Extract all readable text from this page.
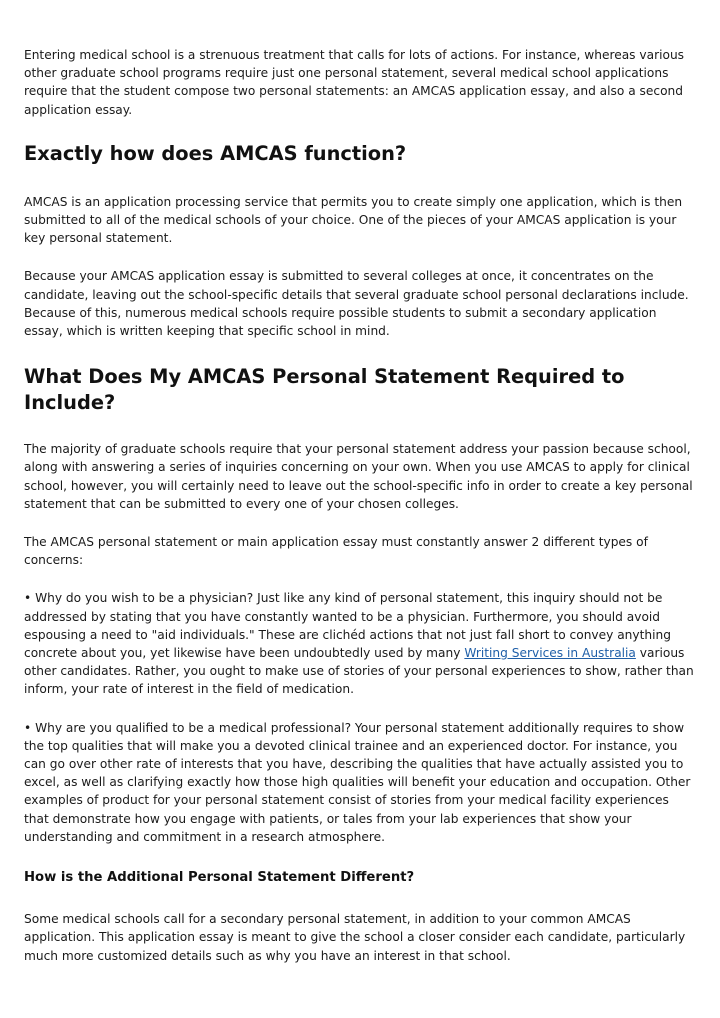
Entering medical school is a strenuous treatment that calls for lots of actions. For instance, whereas various other graduate school programs require just one personal statement, several medical school applications require that the student compose two personal statements: an AMCAS application essay, and also a second application essay.

Exactly how does AMCAS function?

AMCAS is an application processing service that permits you to create simply one application, which is then submitted to all of the medical schools of your choice. One of the pieces of your AMCAS application is your key personal statement.

Because your AMCAS application essay is submitted to several colleges at once, it concentrates on the candidate, leaving out the school-specific details that several graduate school personal declarations include. Because of this, numerous medical schools require possible students to submit a secondary application essay, which is written keeping that specific school in mind.

What Does My AMCAS Personal Statement Required to Include?

The majority of graduate schools require that your personal statement address your passion because school, along with answering a series of inquiries concerning on your own. When you use AMCAS to apply for clinical school, however, you will certainly need to leave out the school-specific info in order to create a key personal statement that can be submitted to every one of your chosen colleges.

The AMCAS personal statement or main application essay must constantly answer 2 different types of concerns:

• Why do you wish to be a physician? Just like any kind of personal statement, this inquiry should not be addressed by stating that you have constantly wanted to be a physician. Furthermore, you should avoid espousing a need to "aid individuals." These are clichéd actions that not just fall short to convey anything concrete about you, yet likewise have been undoubtedly used by many Writing Services in Australia various other candidates. Rather, you ought to make use of stories of your personal experiences to show, rather than inform, your rate of interest in the field of medication.

• Why are you qualified to be a medical professional? Your personal statement additionally requires to show the top qualities that will make you a devoted clinical trainee and an experienced doctor. For instance, you can go over other rate of interests that you have, describing the qualities that have actually assisted you to excel, as well as clarifying exactly how those high qualities will benefit your education and occupation. Other examples of product for your personal statement consist of stories from your medical facility experiences that demonstrate how you engage with patients, or tales from your lab experiences that show your understanding and commitment in a research atmosphere.

How is the Additional Personal Statement Different?

Some medical schools call for a secondary personal statement, in addition to your common AMCAS application. This application essay is meant to give the school a closer consider each candidate, particularly much more customized details such as why you have an interest in that school.
